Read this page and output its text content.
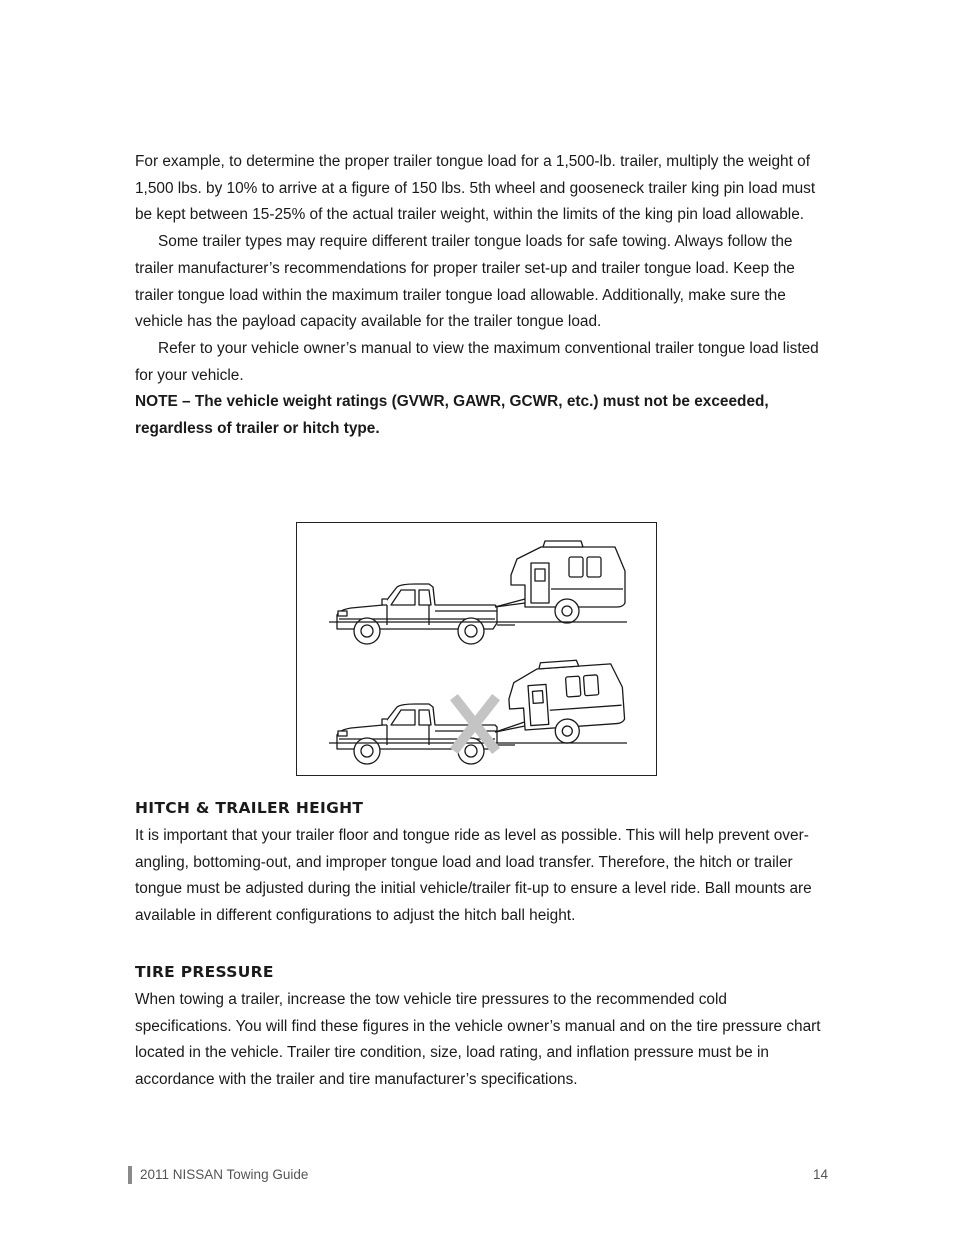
For example, to determine the proper trailer tongue load for a 1,500-lb. trailer, multiply the weight of 1,500 lbs. by 10% to arrive at a figure of 150 lbs. 5th wheel and gooseneck trailer king pin load must be kept between 15-25% of the actual trailer weight, within the limits of the king pin load allowable.

Some trailer types may require different trailer tongue loads for safe towing. Always follow the trailer manufacturer’s recommendations for proper trailer set-up and trailer tongue load. Keep the trailer tongue load within the maximum trailer tongue load allowable. Additionally, make sure the vehicle has the payload capacity available for the trailer tongue load.

Refer to your vehicle owner’s manual to view the maximum conventional trailer tongue load listed for your vehicle.

NOTE – The vehicle weight ratings (GVWR, GAWR, GCWR, etc.) must not be exceeded, regardless of trailer or hitch type.

HITCH & TRAILER HEIGHT

It is important that your trailer floor and tongue ride as level as possible. This will help prevent over-angling, bottoming-out, and improper tongue load and load transfer. Therefore, the hitch or trailer tongue must be adjusted during the initial vehicle/trailer fit-up to ensure a level ride. Ball mounts are available in different configurations to adjust the hitch ball height.

TIRE PRESSURE

When towing a trailer, increase the tow vehicle tire pressures to the recommended cold specifications. You will find these figures in the vehicle owner’s manual and on the tire pressure chart located in the vehicle. Trailer tire condition, size, load rating, and inflation pressure must be in accordance with the trailer and tire manufacturer’s specifications.

2011 NISSAN Towing Guide	14
